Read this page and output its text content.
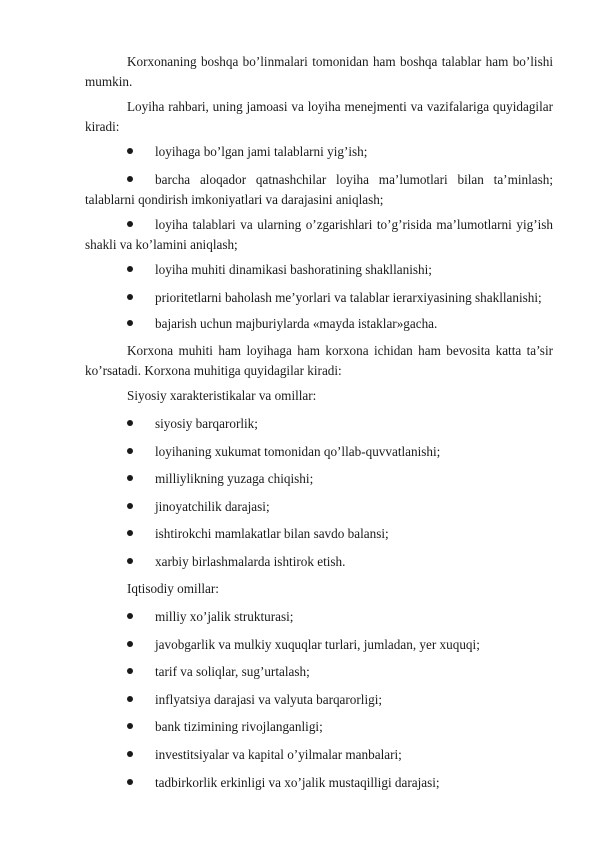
Korxonaning boshqa bo’linmalari tomonidan ham boshqa talablar ham bo’lishi mumkin.

Loyiha rahbari, uning jamoasi va loyiha menejmenti va vazifalariga quyidagilar kiradi:

loyihaga bo’lgan jami talablarni yig’ish;
barcha aloqador qatnashchilar loyiha ma’lumotlari bilan ta’minlash; talablarni qondirish imkoniyatlari va darajasini aniqlash;
loyiha talablari va ularning o’zgarishlari to’g’risida ma’lumotlarni yig’ish shakli va ko’lamini aniqlash;
loyiha muhiti dinamikasi bashoratining shakllanishi;
prioritetlarni baholash me’yorlari va talablar ierarxiyasining shakllanishi;
bajarish uchun majburiylarda «mayda istaklar»gacha.

Korxona muhiti ham loyihaga ham korxona ichidan ham bevosita katta ta’sir ko’rsatadi. Korxona muhitiga quyidagilar kiradi:

Siyosiy xarakteristikalar va omillar:

siyosiy barqarorlik;
loyihaning xukumat tomonidan qo’llab-quvvatlanishi;
milliylikning yuzaga chiqishi;
jinoyatchilik darajasi;
ishtirokchi mamlakatlar bilan savdo balansi;
xarbiy birlashmalarda ishtirok etish.

Iqtisodiy omillar:

milliy xo’jalik strukturasi;
javobgarlik va mulkiy xuquqlar turlari, jumladan, yer xuquqi;
tarif va soliqlar, sug’urtalash;
inflyatsiya darajasi va valyuta barqarorligi;
bank tizimining rivojlanganligi;
investitsiyalar va kapital o’yilmalar manbalari;
tadbirkorlik erkinligi va xo’jalik mustaqilligi darajasi;
